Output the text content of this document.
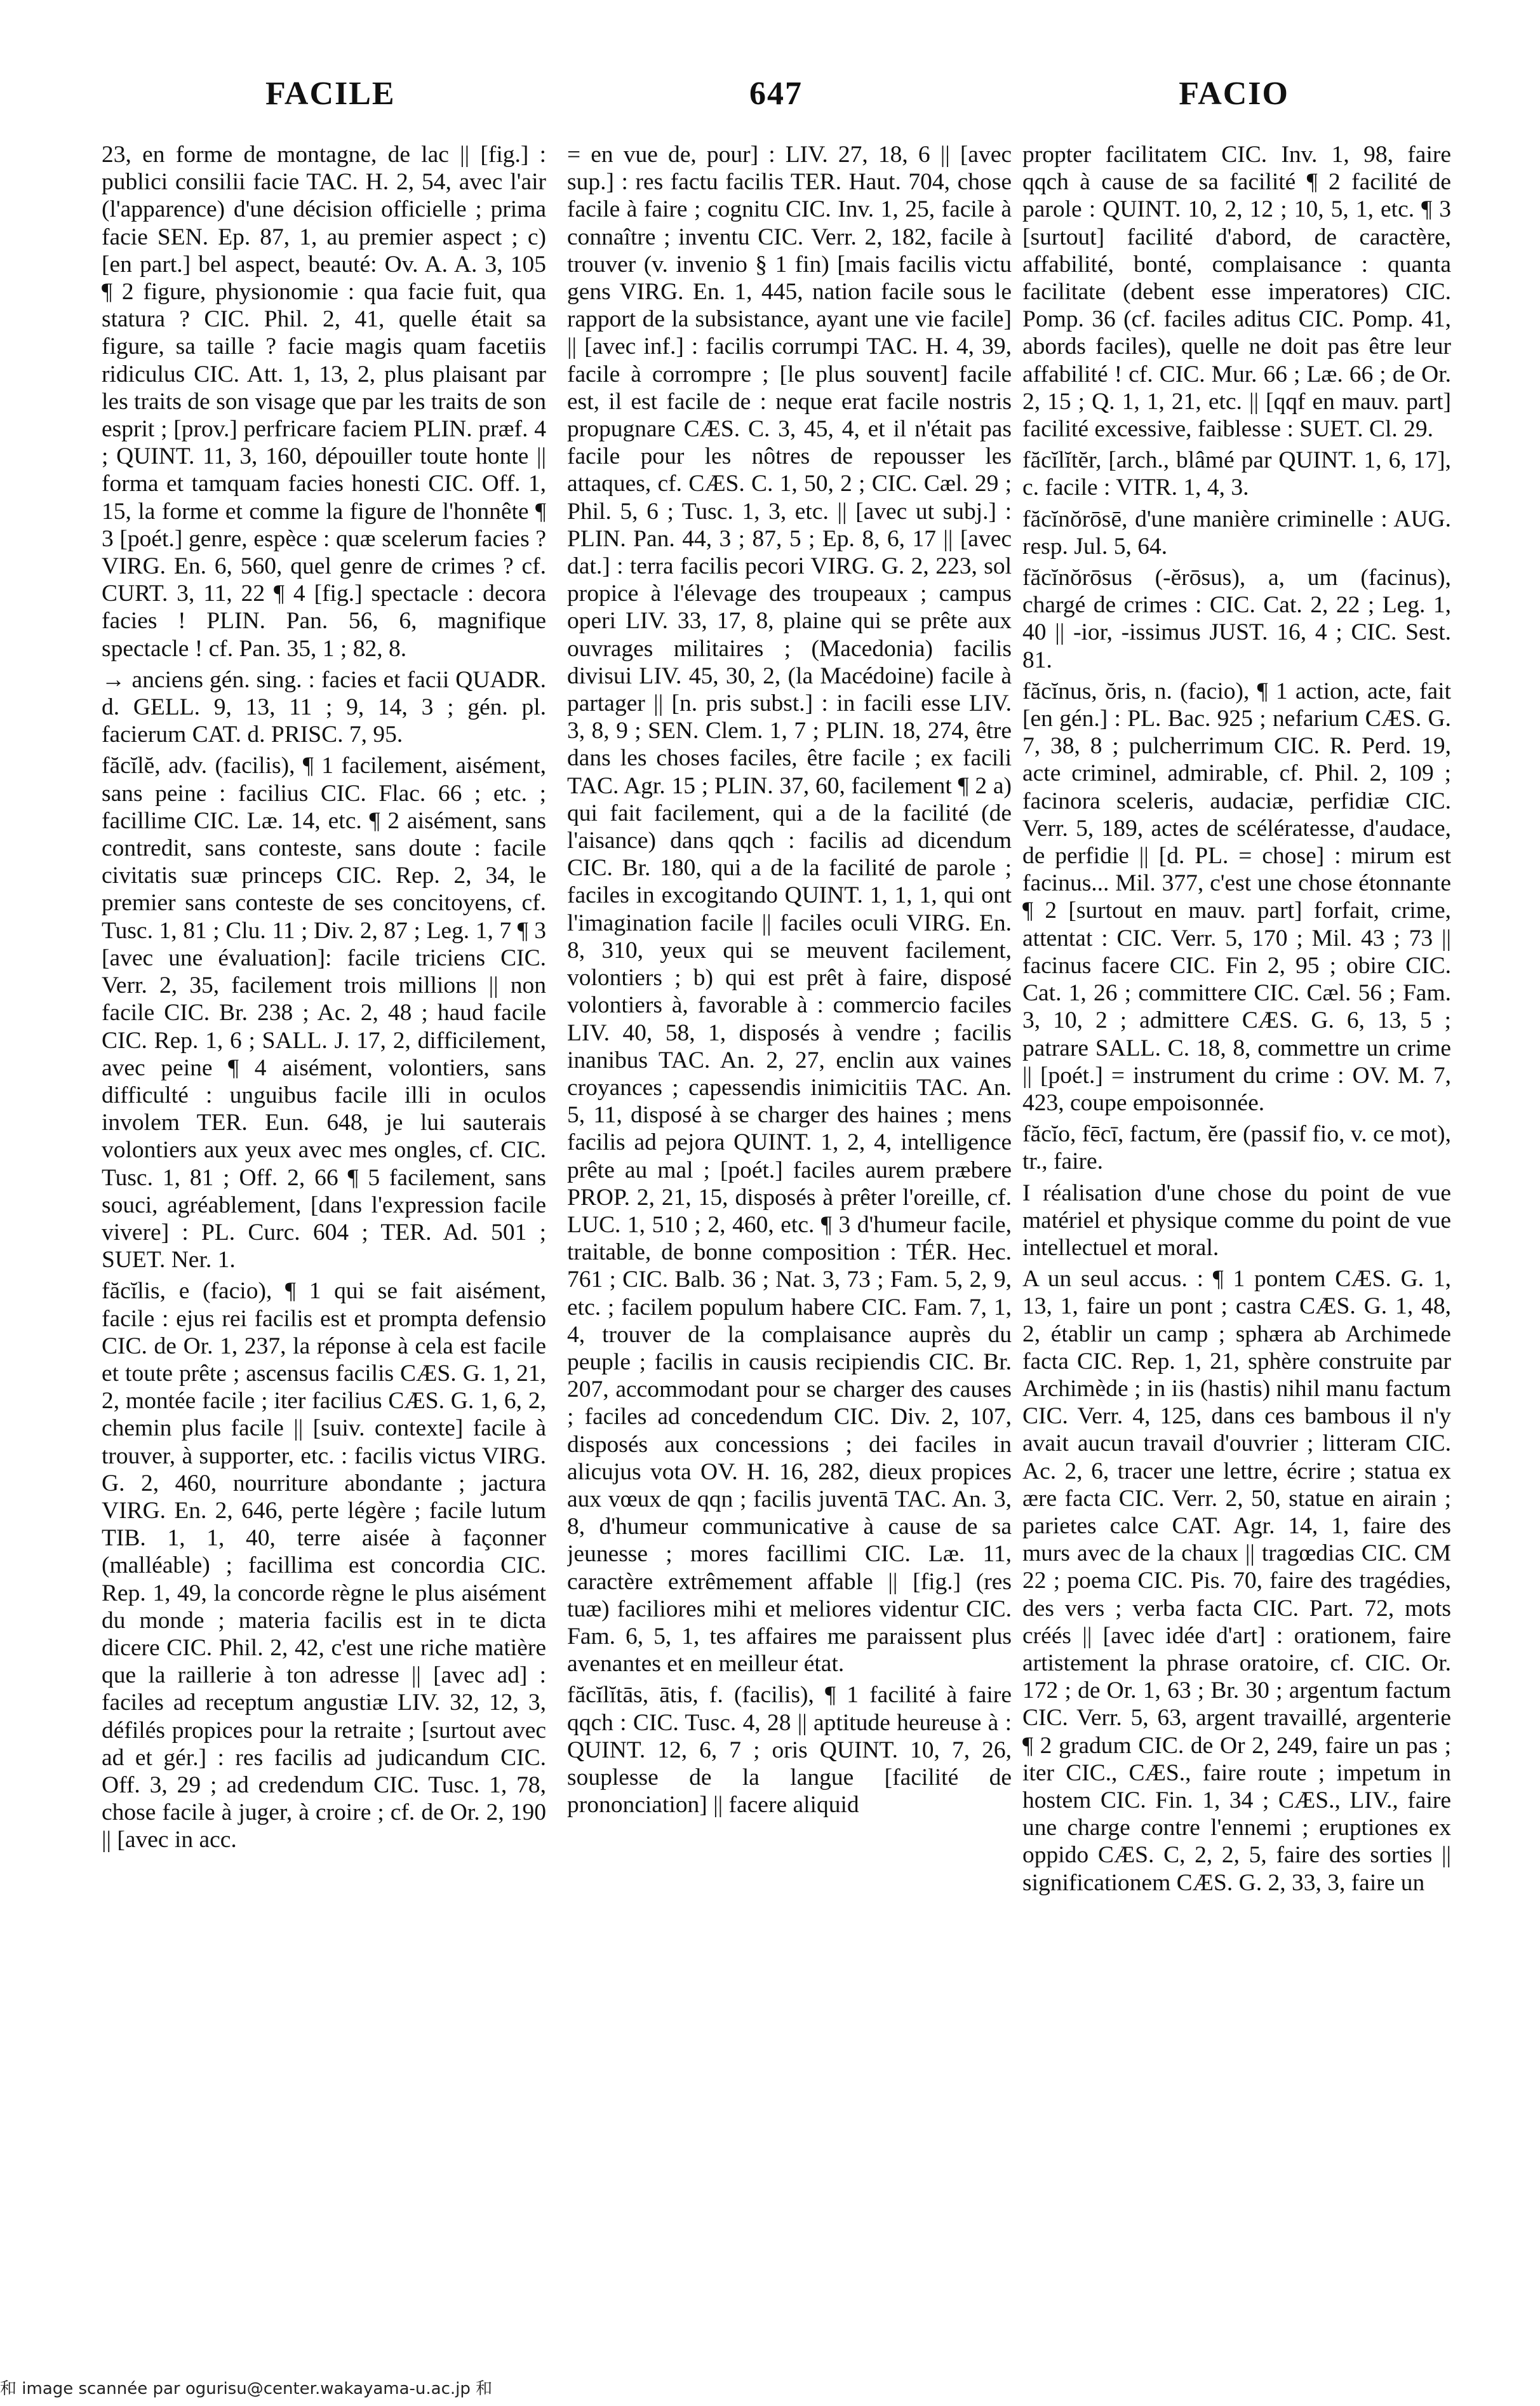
FACILE	647	FACIO

23, en forme de montagne, de lac || [fig.] : publici consilii facie TAC. H. 2, 54, avec l'air (l'apparence) d'une décision officielle ; prima facie SEN. Ep. 87, 1, au premier aspect ; c) [en part.] bel aspect, beauté: Ov. A. A. 3, 105 ¶ 2 figure, physionomie : qua facie fuit, qua statura ? CIC. Phil. 2, 41, quelle était sa figure, sa taille ? facie magis quam facetiis ridiculus CIC. Att. 1, 13, 2, plus plaisant par les traits de son visage que par les traits de son esprit ; [prov.] perfricare faciem PLIN. præf. 4 ; QUINT. 11, 3, 160, dépouiller toute honte || forma et tamquam facies honesti CIC. Off. 1, 15, la forme et comme la figure de l'honnête ¶ 3 [poét.] genre, espèce : quæ scelerum facies ? VIRG. En. 6, 560, quel genre de crimes ? cf. CURT. 3, 11, 22 ¶ 4 [fig.] spectacle : decora facies ! PLIN. Pan. 56, 6, magnifique spectacle ! cf. Pan. 35, 1 ; 82, 8.

→ anciens gén. sing. : facies et facii QUADR. d. GELL. 9, 13, 11 ; 9, 14, 3 ; gén. pl. facierum CAT. d. PRISC. 7, 95.

făcĭlĕ, adv. (facilis), ¶ 1 facilement, aisément, sans peine : facilius CIC. Flac. 66 ; etc. ; facillime CIC. Læ. 14, etc. ¶ 2 aisément, sans contredit, sans conteste, sans doute : facile civitatis suæ princeps CIC. Rep. 2, 34, le premier sans conteste de ses concitoyens, cf. Tusc. 1, 81 ; Clu. 11 ; Div. 2, 87 ; Leg. 1, 7 ¶ 3 [avec une évaluation]: facile triciens CIC. Verr. 2, 35, facilement trois millions || non facile CIC. Br. 238 ; Ac. 2, 48 ; haud facile CIC. Rep. 1, 6 ; SALL. J. 17, 2, difficilement, avec peine ¶ 4 aisément, volontiers, sans difficulté : unguibus facile illi in oculos involem TER. Eun. 648, je lui sauterais volontiers aux yeux avec mes ongles, cf. CIC. Tusc. 1, 81 ; Off. 2, 66 ¶ 5 facilement, sans souci, agréablement, [dans l'expression facile vivere] : PL. Curc. 604 ; TER. Ad. 501 ; SUET. Ner. 1.

făcĭlis, e (facio), ¶ 1 qui se fait aisément, facile : ejus rei facilis est et prompta defensio CIC. de Or. 1, 237, la réponse à cela est facile et toute prête ; ascensus facilis CÆS. G. 1, 21, 2, montée facile ; iter facilius CÆS. G. 1, 6, 2, chemin plus facile || [suiv. contexte] facile à trouver, à supporter, etc. : facilis victus VIRG. G. 2, 460, nourriture abondante ; jactura VIRG. En. 2, 646, perte légère ; facile lutum TIB. 1, 1, 40, terre aisée à façonner (malléable) ; facillima est concordia CIC. Rep. 1, 49, la concorde règne le plus aisément du monde ; materia facilis est in te dicta dicere CIC. Phil. 2, 42, c'est une riche matière que la raillerie à ton adresse || [avec ad] : faciles ad receptum angustiæ LIV. 32, 12, 3, défilés propices pour la retraite ; [surtout avec ad et gér.] : res facilis ad judicandum CIC. Off. 3, 29 ; ad credendum CIC. Tusc. 1, 78, chose facile à juger, à croire ; cf. de Or. 2, 190 || [avec in acc.

= en vue de, pour] : LIV. 27, 18, 6 || [avec sup.] : res factu facilis TER. Haut. 704, chose facile à faire ; cognitu CIC. Inv. 1, 25, facile à connaître ; inventu CIC. Verr. 2, 182, facile à trouver (v. invenio § 1 fin) [mais facilis victu gens VIRG. En. 1, 445, nation facile sous le rapport de la subsistance, ayant une vie facile] || [avec inf.] : facilis corrumpi TAC. H. 4, 39, facile à corrompre ; [le plus souvent] facile est, il est facile de : neque erat facile nostris propugnare CÆS. C. 3, 45, 4, et il n'était pas facile pour les nôtres de repousser les attaques, cf. CÆS. C. 1, 50, 2 ; CIC. Cæl. 29 ; Phil. 5, 6 ; Tusc. 1, 3, etc. || [avec ut subj.] : PLIN. Pan. 44, 3 ; 87, 5 ; Ep. 8, 6, 17 || [avec dat.] : terra facilis pecori VIRG. G. 2, 223, sol propice à l'élevage des troupeaux ; campus operi LIV. 33, 17, 8, plaine qui se prête aux ouvrages militaires ; (Macedonia) facilis divisui LIV. 45, 30, 2, (la Macédoine) facile à partager || [n. pris subst.] : in facili esse LIV. 3, 8, 9 ; SEN. Clem. 1, 7 ; PLIN. 18, 274, être dans les choses faciles, être facile ; ex facili TAC. Agr. 15 ; PLIN. 37, 60, facilement ¶ 2 a) qui fait facilement, qui a de la facilité (de l'aisance) dans qqch : facilis ad dicendum CIC. Br. 180, qui a de la facilité de parole ; faciles in excogitando QUINT. 1, 1, 1, qui ont l'imagination facile || faciles oculi VIRG. En. 8, 310, yeux qui se meuvent facilement, volontiers ; b) qui est prêt à faire, disposé volontiers à, favorable à : commercio faciles LIV. 40, 58, 1, disposés à vendre ; facilis inanibus TAC. An. 2, 27, enclin aux vaines croyances ; capessendis inimicitiis TAC. An. 5, 11, disposé à se charger des haines ; mens facilis ad pejora QUINT. 1, 2, 4, intelligence prête au mal ; [poét.] faciles aurem præbere PROP. 2, 21, 15, disposés à prêter l'oreille, cf. LUC. 1, 510 ; 2, 460, etc. ¶ 3 d'humeur facile, traitable, de bonne composition : TÉR. Hec. 761 ; CIC. Balb. 36 ; Nat. 3, 73 ; Fam. 5, 2, 9, etc. ; facilem populum habere CIC. Fam. 7, 1, 4, trouver de la complaisance auprès du peuple ; facilis in causis recipiendis CIC. Br. 207, accommodant pour se charger des causes ; faciles ad concedendum CIC. Div. 2, 107, disposés aux concessions ; dei faciles in alicujus vota OV. H. 16, 282, dieux propices aux vœux de qqn ; facilis juventā TAC. An. 3, 8, d'humeur communicative à cause de sa jeunesse ; mores facillimi CIC. Læ. 11, caractère extrêmement affable || [fig.] (res tuæ) faciliores mihi et meliores videntur CIC. Fam. 6, 5, 1, tes affaires me paraissent plus avenantes et en meilleur état.

făcĭlĭtās, ātis, f. (facilis), ¶ 1 facilité à faire qqch : CIC. Tusc. 4, 28 || aptitude heureuse à : QUINT. 12, 6, 7 ; oris QUINT. 10, 7, 26, souplesse de la langue [facilité de prononciation] || facere aliquid

propter facilitatem CIC. Inv. 1, 98, faire qqch à cause de sa facilité ¶ 2 facilité de parole : QUINT. 10, 2, 12 ; 10, 5, 1, etc. ¶ 3 [surtout] facilité d'abord, de caractère, affabilité, bonté, complaisance : quanta facilitate (debent esse imperatores) CIC. Pomp. 36 (cf. faciles aditus CIC. Pomp. 41, abords faciles), quelle ne doit pas être leur affabilité ! cf. CIC. Mur. 66 ; Læ. 66 ; de Or. 2, 15 ; Q. 1, 1, 21, etc. || [qqf en mauv. part] facilité excessive, faiblesse : SUET. Cl. 29.

făcĭlĭtĕr, [arch., blâmé par QUINT. 1, 6, 17], c. facile : VITR. 1, 4, 3.

făcĭnŏrōsē, d'une manière criminelle : AUG. resp. Jul. 5, 64.

făcĭnŏrōsus (-ĕrōsus), a, um (facinus), chargé de crimes : CIC. Cat. 2, 22 ; Leg. 1, 40 || -ior, -issimus JUST. 16, 4 ; CIC. Sest. 81.

făcĭnus, ŏris, n. (facio), ¶ 1 action, acte, fait [en gén.] : PL. Bac. 925 ; nefarium CÆS. G. 7, 38, 8 ; pulcherrimum CIC. R. Perd. 19, acte criminel, admirable, cf. Phil. 2, 109 ; facinora sceleris, audaciæ, perfidiæ CIC. Verr. 5, 189, actes de scélératesse, d'audace, de perfidie || [d. PL. = chose] : mirum est facinus... Mil. 377, c'est une chose étonnante ¶ 2 [surtout en mauv. part] forfait, crime, attentat : CIC. Verr. 5, 170 ; Mil. 43 ; 73 || facinus facere CIC. Fin 2, 95 ; obire CIC. Cat. 1, 26 ; committere CIC. Cæl. 56 ; Fam. 3, 10, 2 ; admittere CÆS. G. 6, 13, 5 ; patrare SALL. C. 18, 8, commettre un crime || [poét.] = instrument du crime : OV. M. 7, 423, coupe empoisonnée.

făcĭo, fēcī, factum, ĕre (passif fio, v. ce mot), tr., faire.

I réalisation d'une chose du point de vue matériel et physique comme du point de vue intellectuel et moral.

A un seul accus. : ¶ 1 pontem CÆS. G. 1, 13, 1, faire un pont ; castra CÆS. G. 1, 48, 2, établir un camp ; sphæra ab Archimede facta CIC. Rep. 1, 21, sphère construite par Archimède ; in iis (hastis) nihil manu factum CIC. Verr. 4, 125, dans ces bambous il n'y avait aucun travail d'ouvrier ; litteram CIC. Ac. 2, 6, tracer une lettre, écrire ; statua ex ære facta CIC. Verr. 2, 50, statue en airain ; parietes calce CAT. Agr. 14, 1, faire des murs avec de la chaux || tragœdias CIC. CM 22 ; poema CIC. Pis. 70, faire des tragédies, des vers ; verba facta CIC. Part. 72, mots créés || [avec idée d'art] : orationem, faire artistement la phrase oratoire, cf. CIC. Or. 172 ; de Or. 1, 63 ; Br. 30 ; argentum factum CIC. Verr. 5, 63, argent travaillé, argenterie ¶ 2 gradum CIC. de Or 2, 249, faire un pas ; iter CIC., CÆS., faire route ; impetum in hostem CIC. Fin. 1, 34 ; CÆS., LIV., faire une charge contre l'ennemi ; eruptiones ex oppido CÆS. C, 2, 2, 5, faire des sorties || significationem CÆS. G. 2, 33, 3, faire un

和 image scannée par ogurisu@center.wakayama-u.ac.jp 和
